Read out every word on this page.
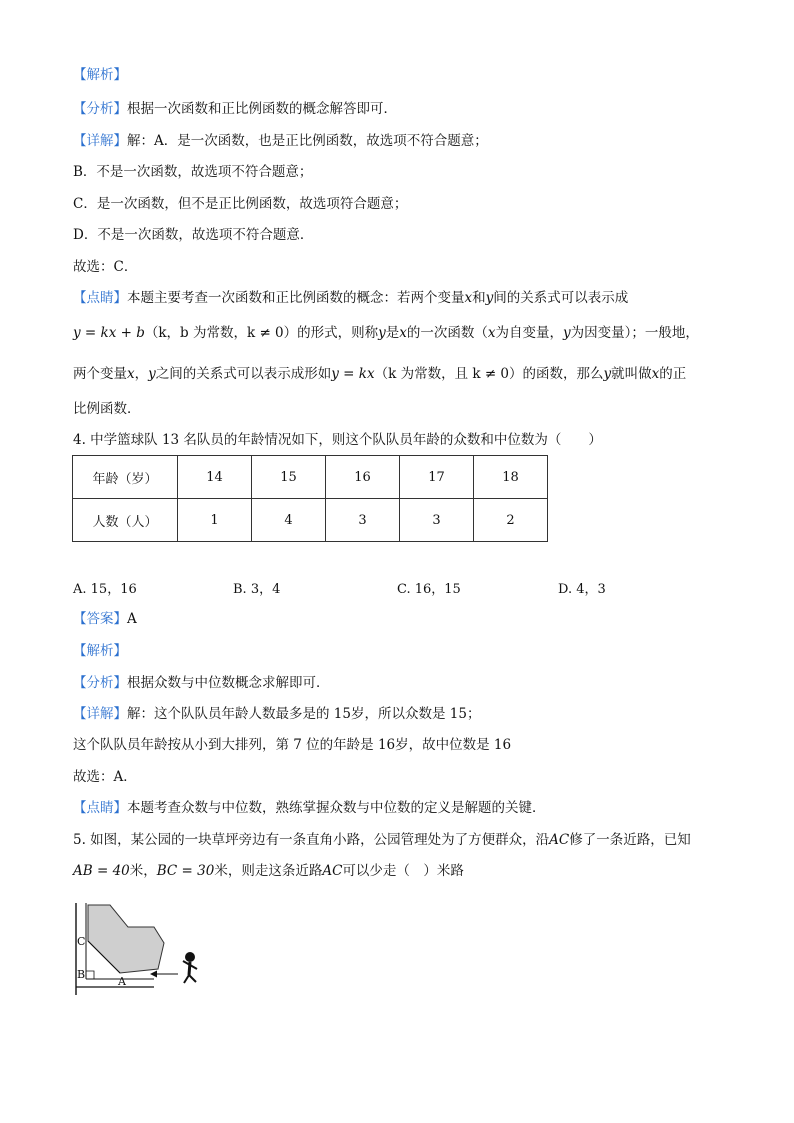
【解析】
【分析】根据一次函数和正比例函数的概念解答即可．
【详解】解：A．是一次函数，也是正比例函数，故选项不符合题意；
B．不是一次函数，故选项不符合题意；
C．是一次函数，但不是正比例函数，故选项符合题意；
D．不是一次函数，故选项不符合题意．
故选：C．
【点睛】本题主要考查一次函数和正比例函数的概念：若两个变量x和y间的关系式可以表示成
y = kx + b（k，b 为常数，k ≠ 0）的形式，则称y是x的一次函数（x为自变量，y为因变量）；一般地，
两个变量x，y之间的关系式可以表示成形如y = kx（k 为常数，且 k ≠ 0）的函数，那么y就叫做x的正
比例函数．
4. 中学篮球队 13 名队员的年龄情况如下，则这个队队员年龄的众数和中位数为（　　）
年龄（岁）	14	15	16	17	18
人数（人）	1	4	3	3	2
A. 15，16	B. 3，4	C. 16，15	D. 4，3
【答案】A
【解析】
【分析】根据众数与中位数概念求解即可．
【详解】解：这个队队员年龄人数最多是的 15岁，所以众数是 15；
这个队队员年龄按从小到大排列，第 7 位的年龄是 16岁，故中位数是 16
故选：A．
【点睛】本题考查众数与中位数，熟练掌握众数与中位数的定义是解题的关键．
5. 如图，某公园的一块草坪旁边有一条直角小路，公园管理处为了方便群众，沿AC修了一条近路，已知
AB = 40米，BC = 30米，则走这条近路AC可以少走（　）米路
C
B
A
